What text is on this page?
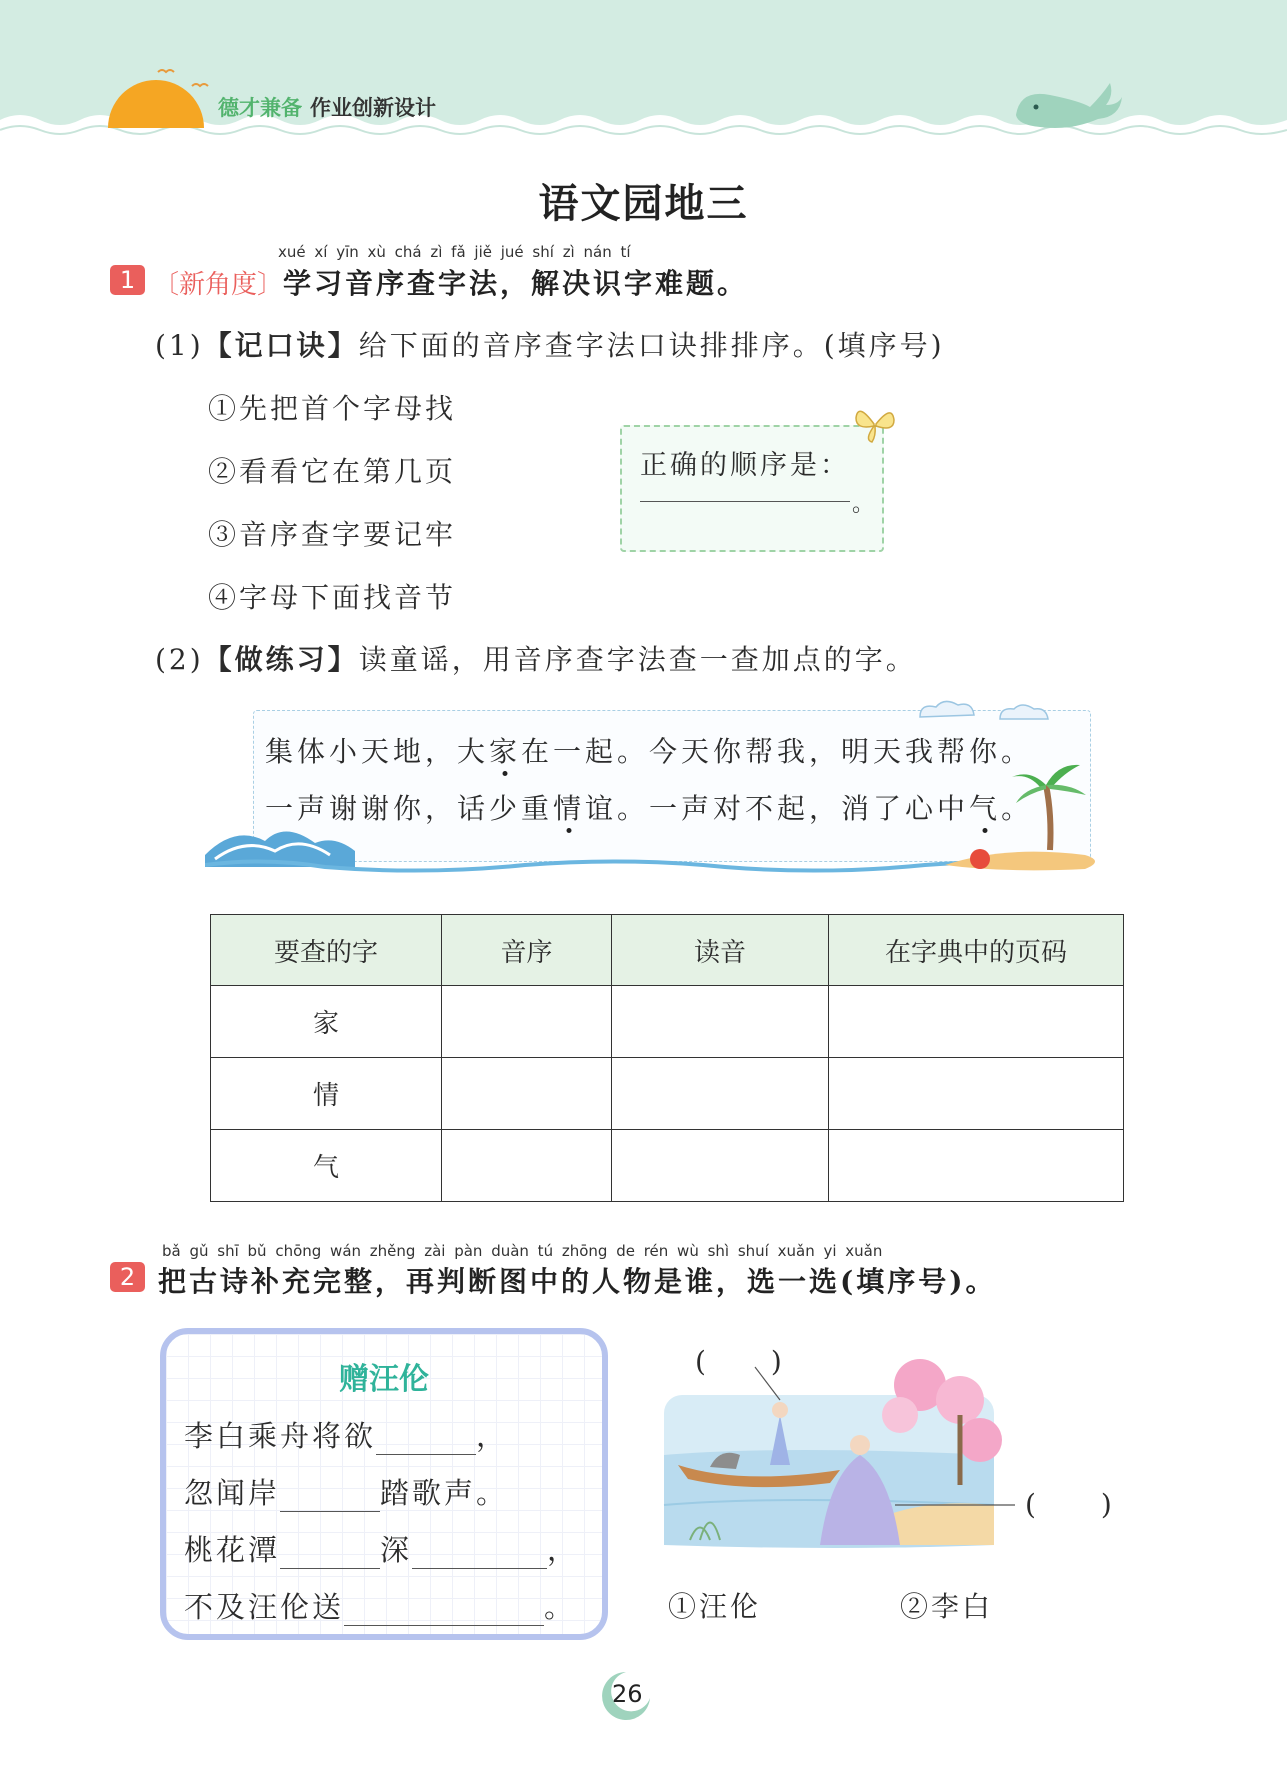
德才兼备 作业创新设计
语文园地三
xué xí yīn xù chá zì fǎ jiě jué shí zì nán tí
1 〔新角度〕学习音序查字法，解决识字难题。
(1)【记口诀】给下面的音序查字法口诀排排序。(填序号)
①先把首个字母找
②看看它在第几页
③音序查字要记牢
④字母下面找音节
正确的顺序是：
。
(2)【做练习】读童谣，用音序查字法查一查加点的字。
集体小天地，大家在一起。今天你帮我，明天我帮你。
一声谢谢你，话少重情谊。一声对不起，消了心中气。
要查的字	音序	读音	在字典中的页码
家			
情			
气			
bǎ gǔ shī bǔ chōng wán zhěng zài pàn duàn tú zhōng de rén wù shì shuí xuǎn yi xuǎn
2 把古诗补充完整，再判断图中的人物是谁，选一选(填序号)。
赠汪伦
李白乘舟将欲	，
忽闻岸	踏歌声。
桃花潭	深	，
不及汪伦送	。
(　　)
(　　)
①汪伦	②李白
26
